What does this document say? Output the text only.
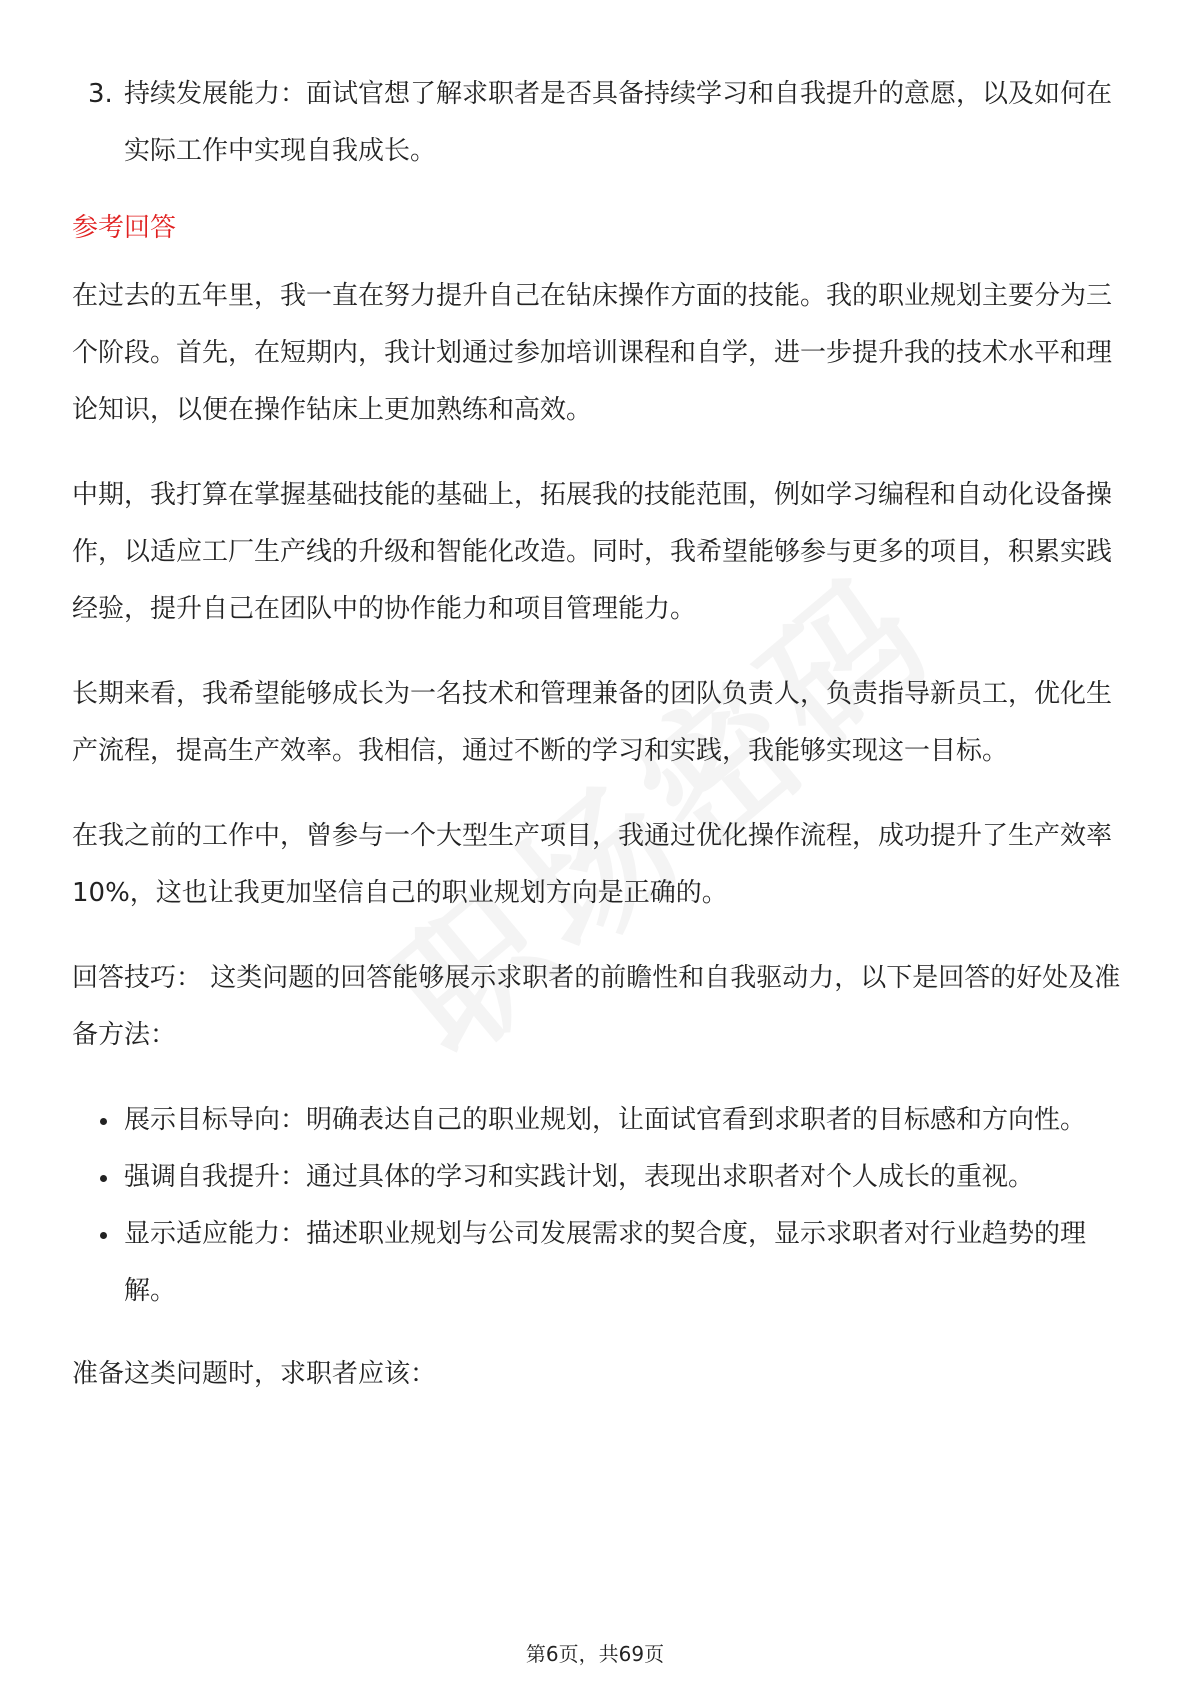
3. 持续发展能力：面试官想了解求职者是否具备持续学习和自我提升的意愿，以及如何在实际工作中实现自我成长。
参考回答

在过去的五年里，我一直在努力提升自己在钻床操作方面的技能。我的职业规划主要分为三个阶段。首先，在短期内，我计划通过参加培训课程和自学，进一步提升我的技术水平和理论知识，以便在操作钻床上更加熟练和高效。

中期，我打算在掌握基础技能的基础上，拓展我的技能范围，例如学习编程和自动化设备操作，以适应工厂生产线的升级和智能化改造。同时，我希望能够参与更多的项目，积累实践经验，提升自己在团队中的协作能力和项目管理能力。

长期来看，我希望能够成长为一名技术和管理兼备的团队负责人，负责指导新员工，优化生产流程，提高生产效率。我相信，通过不断的学习和实践，我能够实现这一目标。

在我之前的工作中，曾参与一个大型生产项目，我通过优化操作流程，成功提升了生产效率10%，这也让我更加坚信自己的职业规划方向是正确的。

回答技巧： 这类问题的回答能够展示求职者的前瞻性和自我驱动力，以下是回答的好处及准备方法：

展示目标导向：明确表达自己的职业规划，让面试官看到求职者的目标感和方向性。
强调自我提升：通过具体的学习和实践计划，表现出求职者对个人成长的重视。
显示适应能力：描述职业规划与公司发展需求的契合度，显示求职者对行业趋势的理解。

准备这类问题时，求职者应该：

第6页，共69页
